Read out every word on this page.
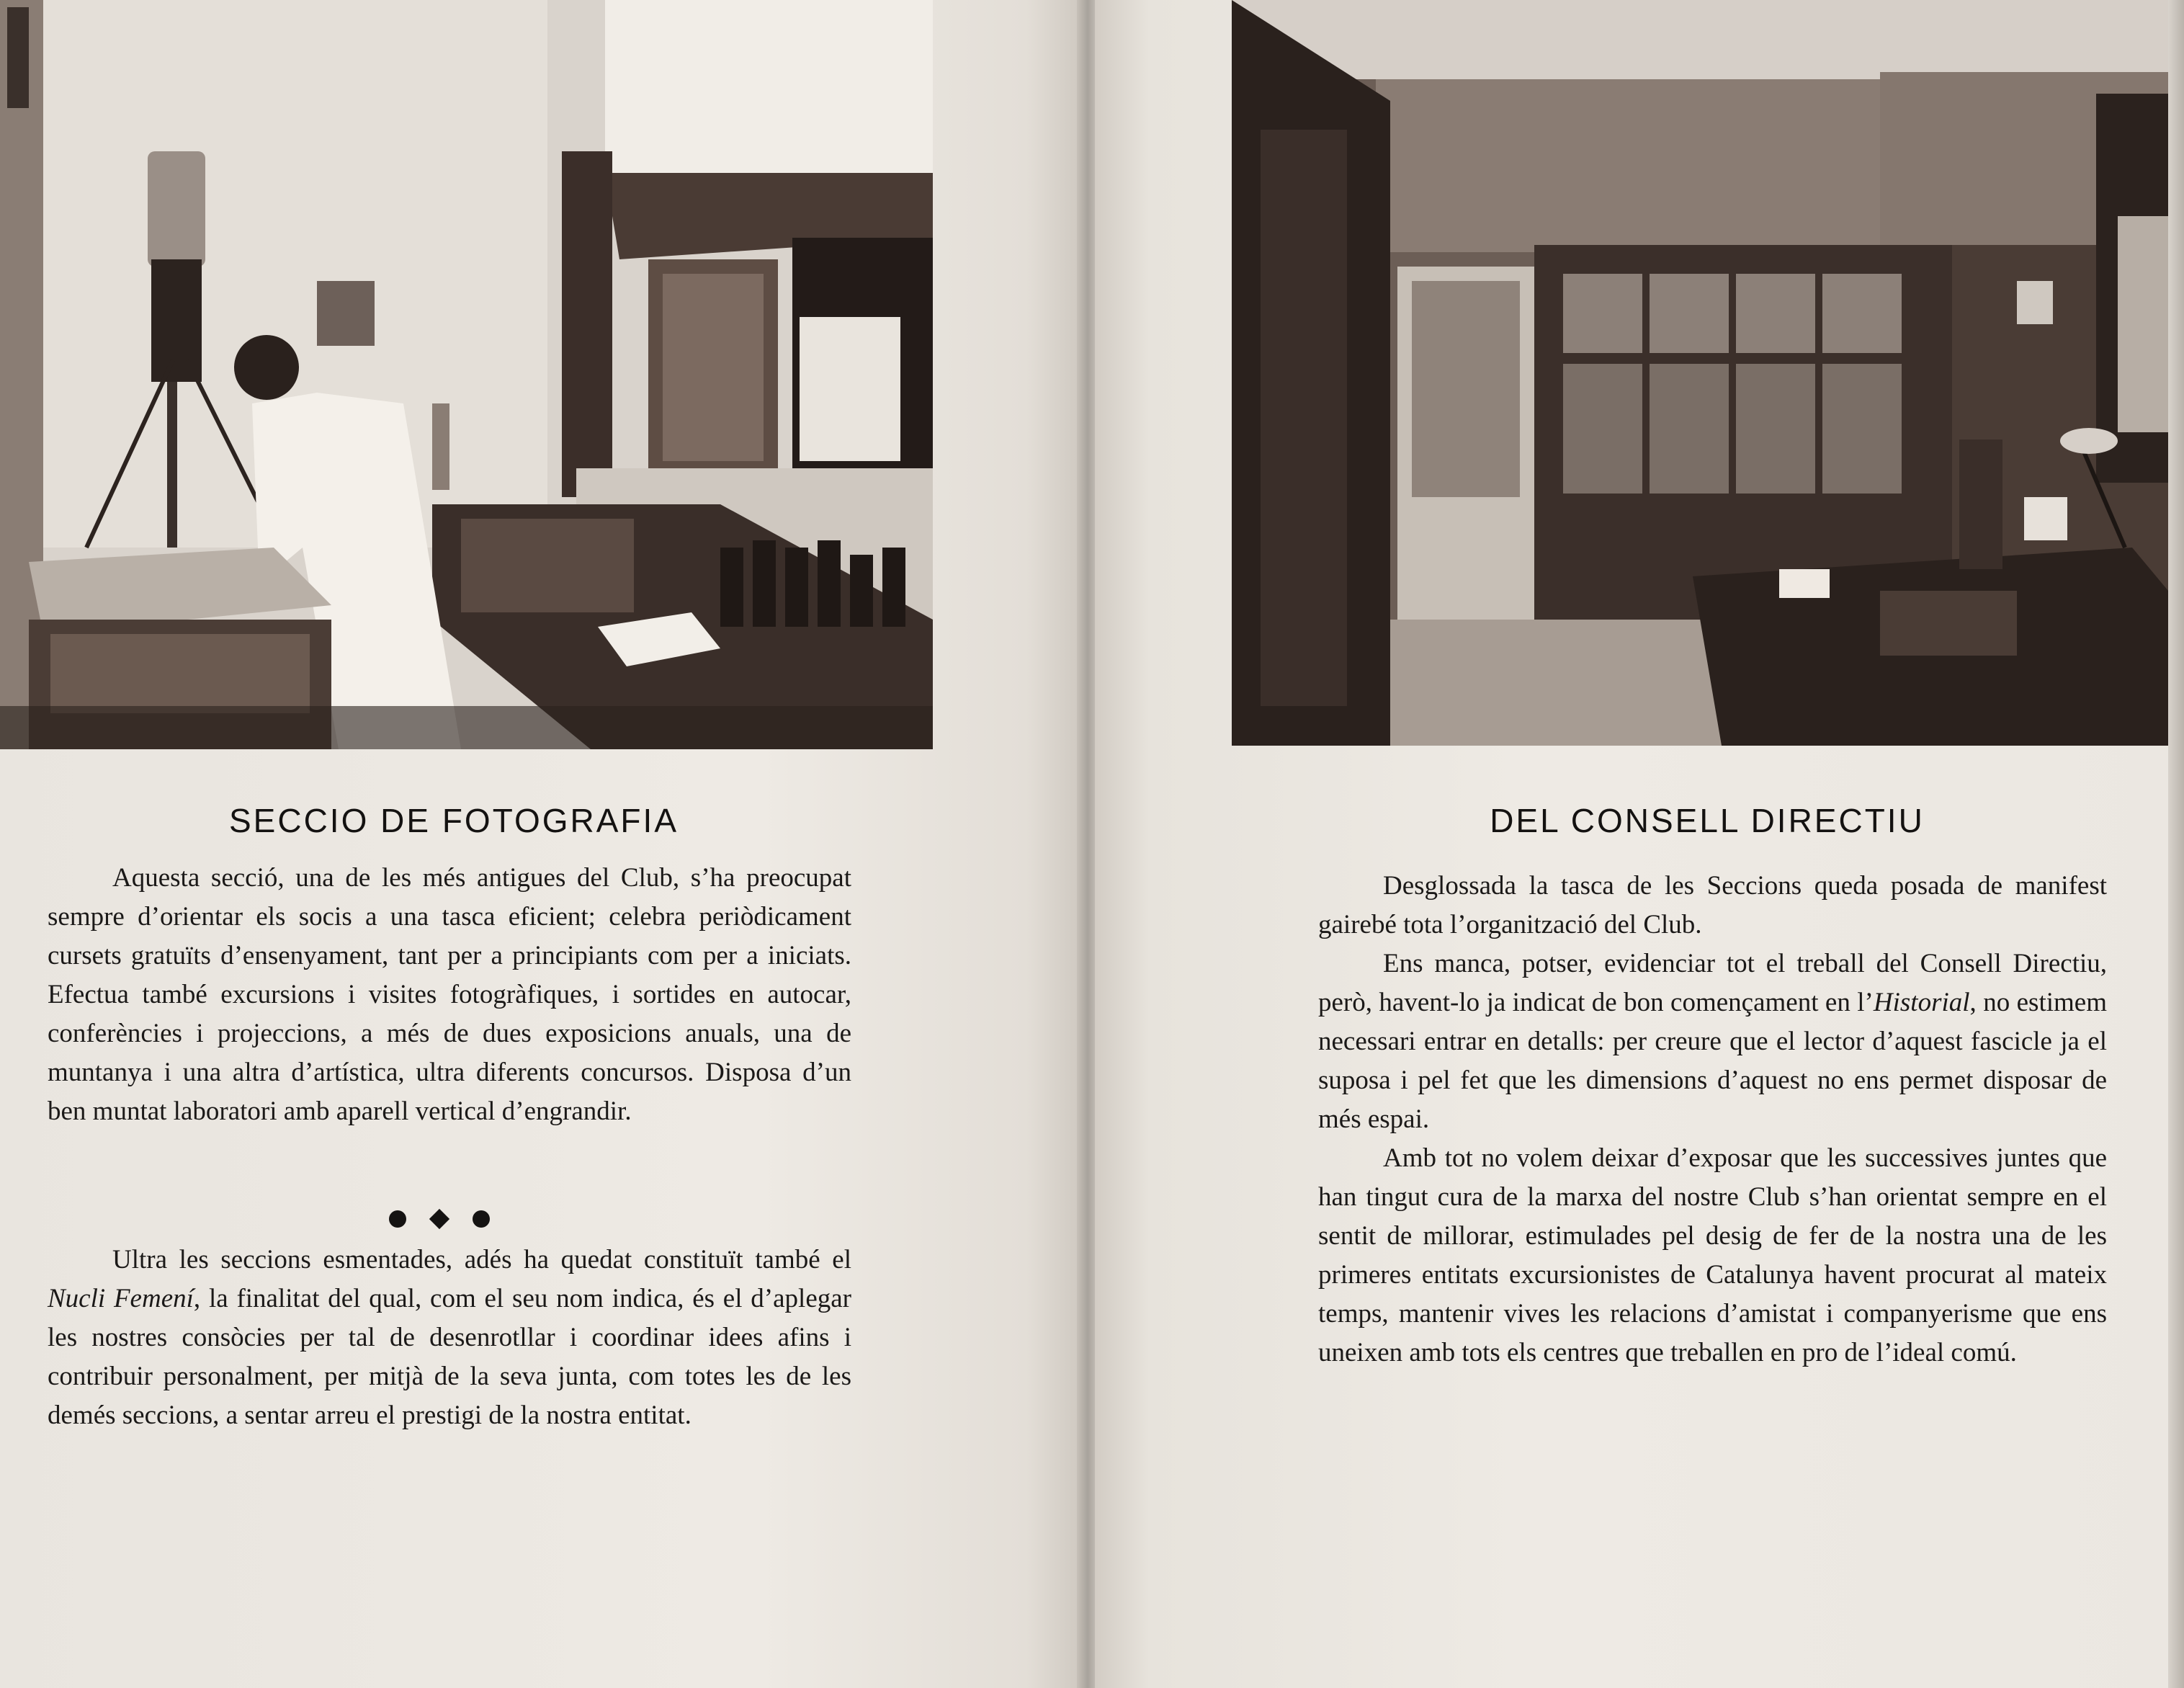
SECCIO DE FOTOGRAFIA

Aquesta secció, una de les més antigues del Club, s’ha preocupat sempre d’orientar els socis a una tasca eficient; celebra periòdicament cursets gratuïts d’ensenyament, tant per a principiants com per a iniciats. Efectua també excursions i visites fotogràfiques, i sortides en autocar, conferències i projeccions, a més de dues exposicions anuals, una de muntanya i una altra d’artística, ultra diferents concursos. Disposa d’un ben muntat laboratori amb aparell vertical d’engrandir.

Ultra les seccions esmentades, adés ha quedat constituït també el Nucli Femení, la finalitat del qual, com el seu nom indica, és el d’aplegar les nostres consòcies per tal de desenrotllar i coordinar idees afins i contribuir personalment, per mitjà de la seva junta, com totes les de les demés seccions, a sentar arreu el prestigi de la nostra entitat.

DEL CONSELL DIRECTIU

Desglossada la tasca de les Seccions queda posada de manifest gairebé tota l’organització del Club.

Ens manca, potser, evidenciar tot el treball del Consell Directiu, però, havent-lo ja indicat de bon començament en l’Historial, no estimem necessari entrar en detalls: per creure que el lector d’aquest fascicle ja el suposa i pel fet que les dimensions d’aquest no ens permet disposar de més espai.

Amb tot no volem deixar d’exposar que les successives juntes que han tingut cura de la marxa del nostre Club s’han orientat sempre en el sentit de millorar, estimulades pel desig de fer de la nostra una de les primeres entitats excursionistes de Catalunya havent procurat al mateix temps, mantenir vives les relacions d’amistat i companyerisme que ens uneixen amb tots els centres que treballen en pro de l’ideal comú.
